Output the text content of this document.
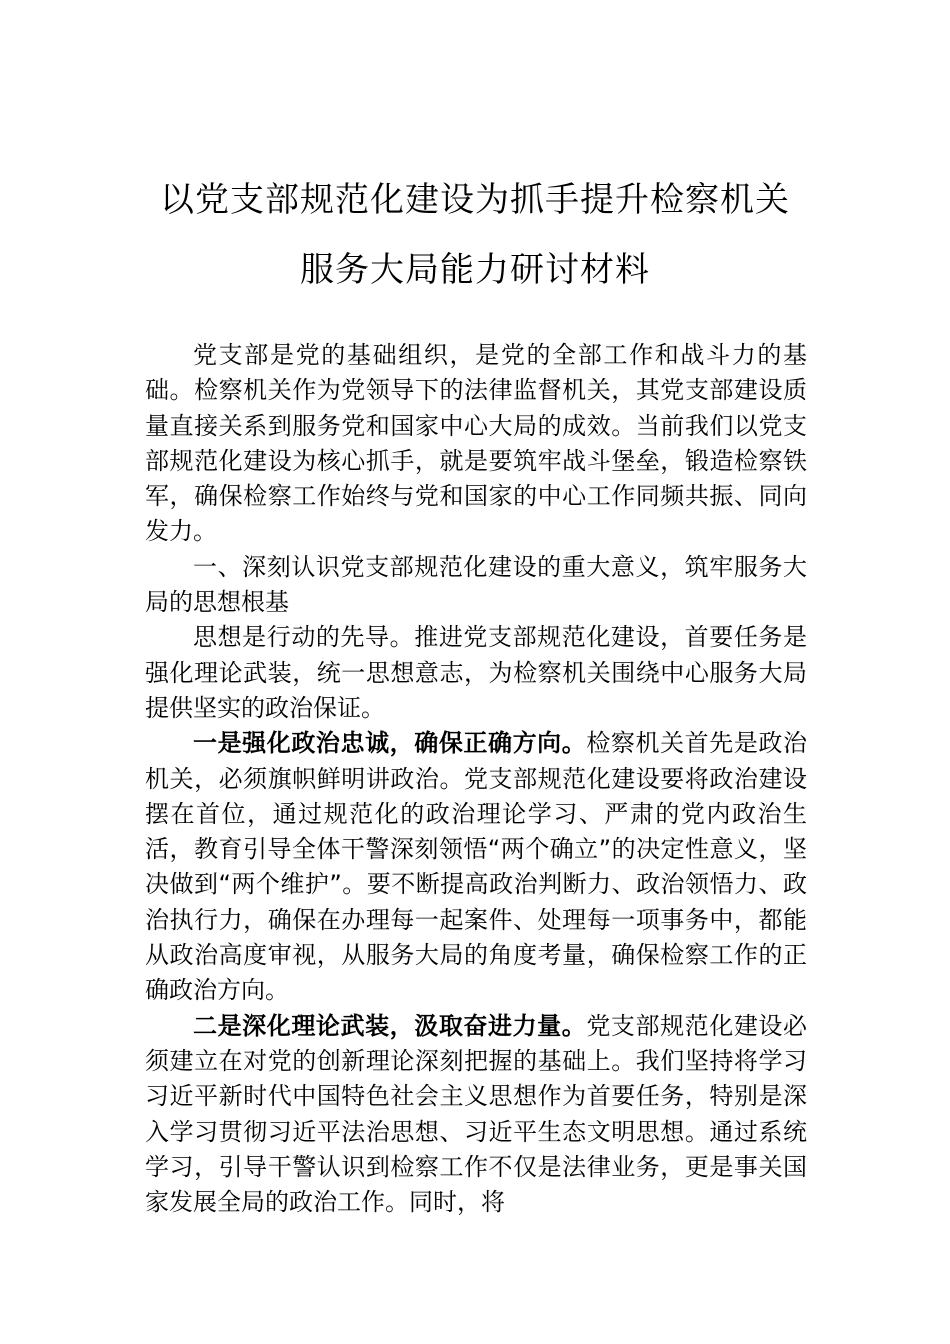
以党支部规范化建设为抓手提升检察机关
服务大局能力研讨材料

党支部是党的基础组织，是党的全部工作和战斗力的基础。检察机关作为党领导下的法律监督机关，其党支部建设质量直接关系到服务党和国家中心大局的成效。当前我们以党支部规范化建设为核心抓手，就是要筑牢战斗堡垒，锻造检察铁军，确保检察工作始终与党和国家的中心工作同频共振、同向发力。

一、深刻认识党支部规范化建设的重大意义，筑牢服务大局的思想根基

思想是行动的先导。推进党支部规范化建设，首要任务是强化理论武装，统一思想意志，为检察机关围绕中心服务大局提供坚实的政治保证。

一是强化政治忠诚，确保正确方向。检察机关首先是政治机关，必须旗帜鲜明讲政治。党支部规范化建设要将政治建设摆在首位，通过规范化的政治理论学习、严肃的党内政治生活，教育引导全体干警深刻领悟“两个确立”的决定性意义，坚决做到“两个维护”。要不断提高政治判断力、政治领悟力、政治执行力，确保在办理每一起案件、处理每一项事务中，都能从政治高度审视，从服务大局的角度考量，确保检察工作的正确政治方向。

二是深化理论武装，汲取奋进力量。党支部规范化建设必须建立在对党的创新理论深刻把握的基础上。我们坚持将学习习近平新时代中国特色社会主义思想作为首要任务，特别是深入学习贯彻习近平法治思想、习近平生态文明思想。通过系统学习，引导干警认识到检察工作不仅是法律业务，更是事关国家发展全局的政治工作。同时，将
